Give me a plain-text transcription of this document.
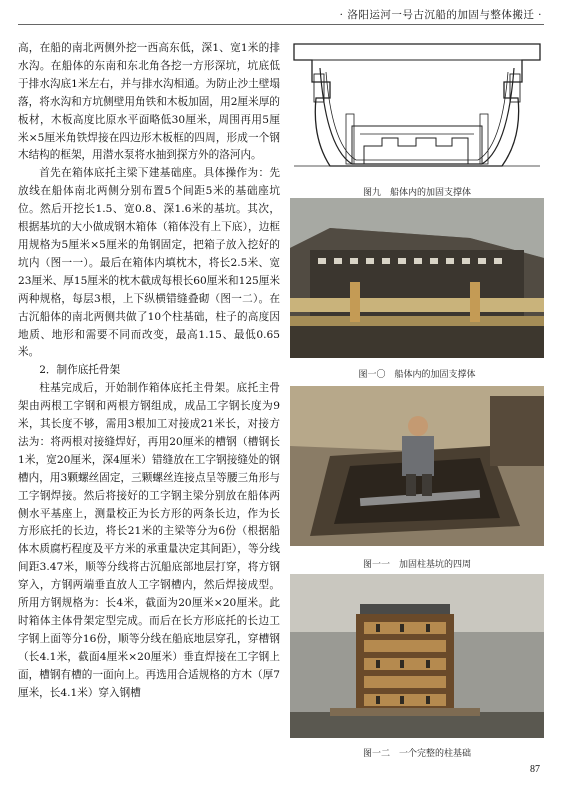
· 洛阳运河一号古沉船的加固与整体搬迁 ·

高，在船的南北两侧外挖一西高东低，深1、宽1米的排水沟。在船体的东南和东北角各挖一方形深坑，坑底低于排水沟底1米左右，并与排水沟相通。为防止沙土壁塌落，将水沟和方坑侧壁用角铁和木板加固，用2厘米厚的板材，木板高度比原水平面略低30厘米，周围再用5厘米×5厘米角铁焊接在四边形木板框的四周，形成一个钢木结构的框架，用潜水泵将水抽到探方外的洛河内。

首先在箱体底托主梁下建基础座。具体操作为：先放线在船体南北两侧分别布置5个间距5米的基础座坑位。然后开挖长1.5、宽0.8、深1.6米的基坑。其次，根据基坑的大小做成钢木箱体（箱体没有上下底），边框用规格为5厘米×5厘米的角钢固定，把箱子放入挖好的坑内（图一一）。最后在箱体内填枕木，将长2.5米、宽23厘米、厚15厘米的枕木截成每根长60厘米和125厘米两种规格，每层3根，上下纵横错缝叠砌（图一二）。在古沉船体的南北两侧共做了10个柱基础，柱子的高度因地质、地形和需要不同而改变，最高1.15、最低0.65米。

2．制作底托骨架

柱基完成后，开始制作箱体底托主骨架。底托主骨架由两根工字钢和两根方钢组成，成品工字钢长度为9米，其长度不够，需用3根加工对接成21米长，对接方法为：将两根对接缝焊好，再用20厘米的槽钢（槽钢长1米，宽20厘米，深4厘米）错缝放在工字钢接缝处的钢槽内，用3颗螺丝固定，三颗螺丝连接点呈等腰三角形与工字钢焊接。然后将接好的工字钢主梁分别放在船体两侧水平基座上，测量校正为长方形的两条长边，作为长方形底托的长边，将长21米的主梁等分为6份（根据船体木质腐朽程度及平方米的承重量决定其间距），等分线间距3.47米，顺等分线将古沉船底部地层打穿，将方钢穿入，方钢两端垂直放人工字钢槽内，然后焊接成型。所用方钢规格为：长4米，截面为20厘米×20厘米。此时箱体主体骨架定型完成。而后在长方形底托的长边工字钢上面等分16份，顺等分线在船底地层穿孔，穿槽钢（长4.1米，截面4厘米×20厘米）垂直焊接在工字钢上面，槽钢有槽的一面向上。再选用合适规格的方木（厚7厘米，长4.1米）穿入钢槽

图九　船体内的加固支撑体
图一〇　船体内的加固支撑体
图一一　加固柱基坑的四周
图一二　一个完整的柱基础
87
